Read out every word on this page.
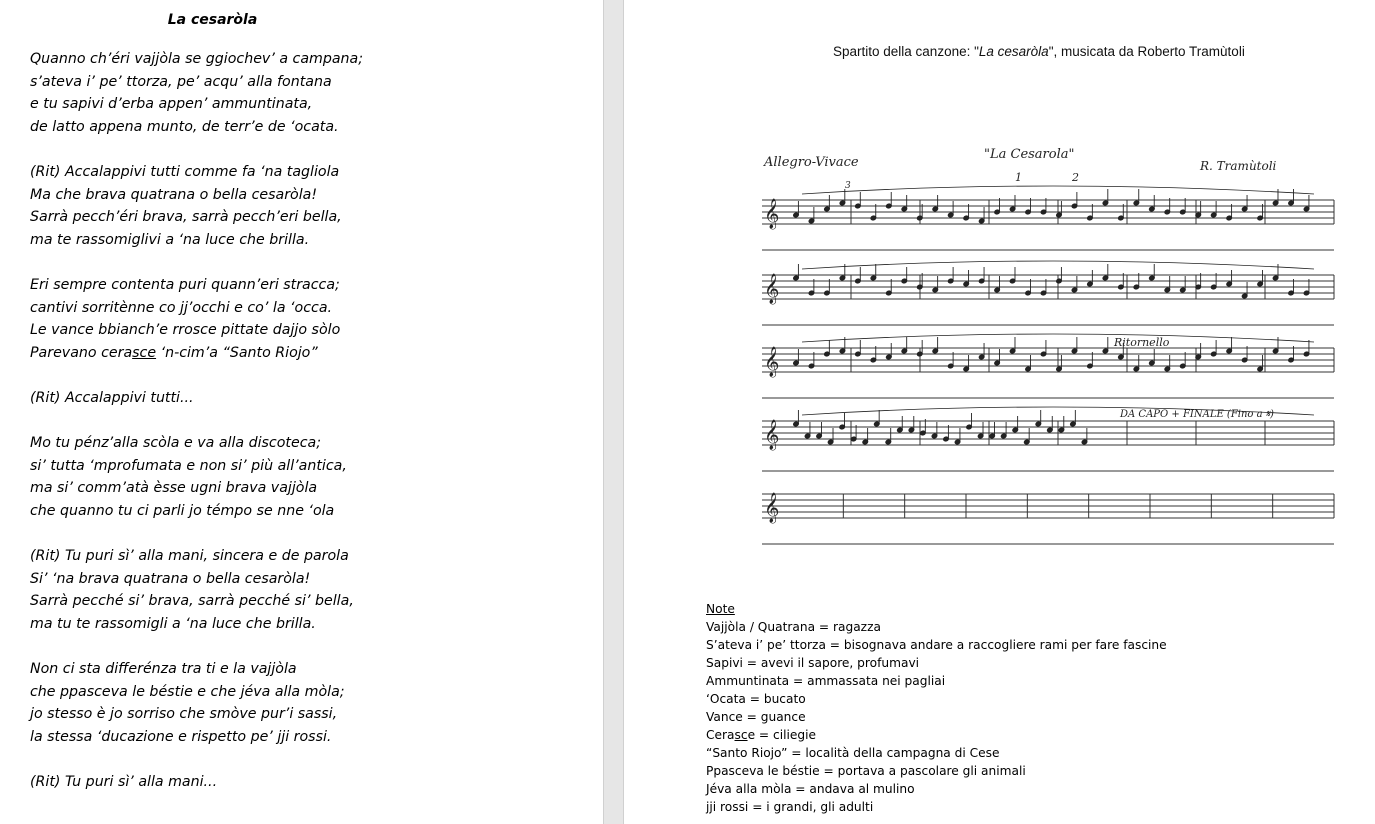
La cesaròla
Quanno ch’éri vajjòla se ggiochev’ a campana;
s’ateva i’ pe’ ttorza, pe’ acqu’ alla fontana
e tu sapivi d’erba appen’ ammuntinata,
de latto appena munto, de terr’e de ‘ocata.
(Rit) Accalappivi tutti comme fa ‘na tagliola
Ma che brava quatrana o bella cesaròla!
Sarrà pecch’éri brava, sarrà pecch’eri bella,
ma te rassomiglivi a ‘na luce che brilla.
Eri sempre contenta puri quann’eri stracca;
cantivi sorritènne co jj’occhi e co’ la ‘occa.
Le vance bbianch’e rrosce pittate dajjo sòlo
Parevano cerasce ‘n-cim’a “Santo Riojo”
(Rit) Accalappivi tutti...
Mo tu pénz’alla scòla e va alla discoteca;
si’ tutta ‘mprofumata e non si’ più all’antica,
ma si’ comm’atà èsse ugni brava vajjòla
che quanno tu ci parli jo témpo se nne ‘ola
(Rit) Tu puri sì’ alla mani, sincera e de parola
Si’ ‘na brava quatrana o bella cesaròla!
Sarrà pecché si’ brava, sarrà pecché si’ bella,
ma tu te rassomigli a ‘na luce che brilla.
Non ci sta differénza tra ti e la vajjòla
che ppasceva le béstie e che jéva alla mòla;
jo stesso è jo sorriso che smòve pur’i sassi,
la stessa ‘ducazione e rispetto pe’ jji rossi.
(Rit) Tu puri sì’ alla mani...
Spartito della canzone: "La cesaròla", musicata da Roberto Tramùtoli
Allegro-Vivace
"La Cesarola"
R. Tramùtoli
Ritornello
DA CAPO + FINALE (Fino a 𝄋)
1	2
3
𝄞
𝄞
𝄞
𝄞
𝄞
Note
Vajjòla / Quatrana = ragazza
S’ateva i’ pe’ ttorza = bisognava andare a raccogliere rami per fare fascine
Sapivi = avevi il sapore, profumavi
Ammuntinata = ammassata nei pagliai
‘Ocata = bucato
Vance = guance
Cerasce = ciliegie
“Santo Riojo” = località della campagna di Cese
Ppasceva le béstie = portava a pascolare gli animali
Jéva alla mòla = andava al mulino
jji rossi = i grandi, gli adulti
